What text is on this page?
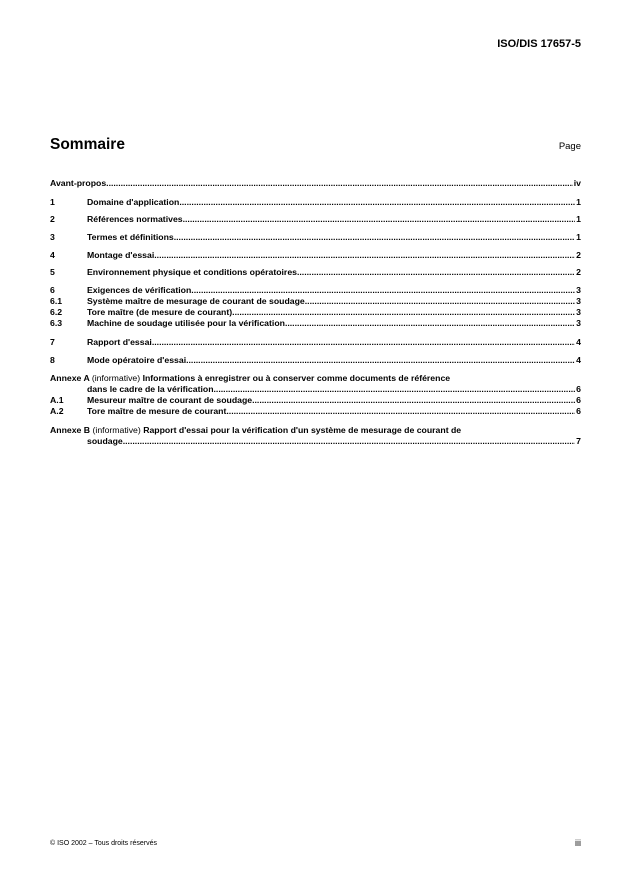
ISO/DIS 17657-5
Sommaire	Page
Avant-propos .....	iv
1	Domaine d'application .....	1
2	Références normatives .....	1
3	Termes et définitions .....	1
4	Montage d'essai .....	2
5	Environnement physique et conditions opératoires .....	2
6	Exigences de vérification .....	3
6.1	Système maître de mesurage de courant de soudage .....	3
6.2	Tore maître (de mesure de courant) .....	3
6.3	Machine de soudage utilisée pour la vérification .....	3
7	Rapport d'essai .....	4
8	Mode opératoire d'essai .....	4
Annexe A (informative) Informations à enregistrer ou à conserver comme documents de référence
dans le cadre de la vérification .....	6
A.1	Mesureur maître de courant de soudage .....	6
A.2	Tore maître de mesure de courant .....	6
Annexe B (informative) Rapport d'essai pour la vérification d'un système de mesurage de courant de
soudage .....	7
© ISO 2002 – Tous droits réservés	iii
